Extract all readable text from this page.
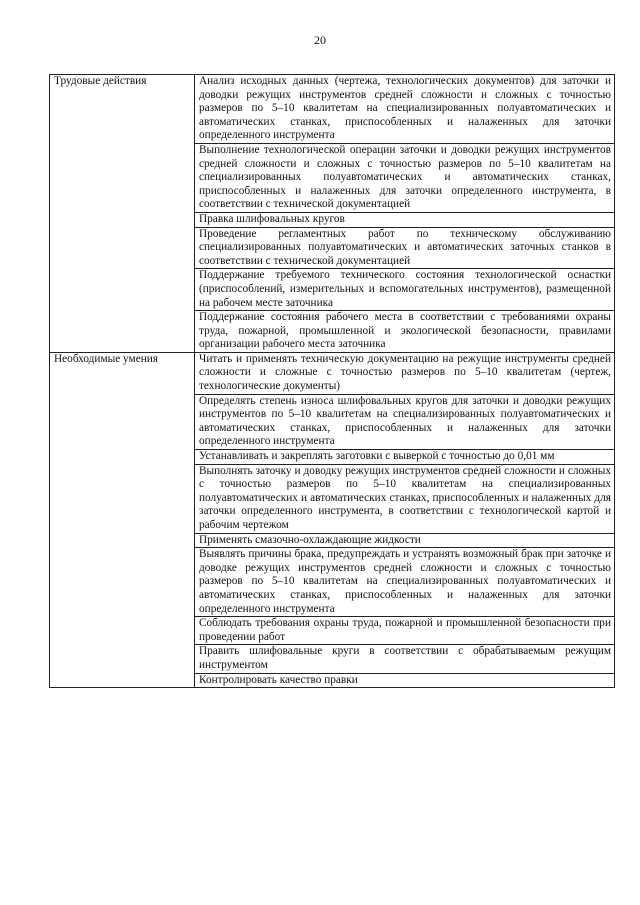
20
Трудовые действия	Анализ исходных данных (чертежа, технологических документов) для заточки и доводки режущих инструментов средней сложности и сложных с точностью размеров по 5–10 квалитетам на специализированных полуавтоматических и автоматических станках, приспособленных и налаженных для заточки определенного инструмента
	Выполнение технологической операции заточки и доводки режущих инструментов средней сложности и сложных с точностью размеров по 5–10 квалитетам на специализированных полуавтоматических и автоматических станках, приспособленных и налаженных для заточки определенного инструмента, в соответствии с технической документацией
	Правка шлифовальных кругов
	Проведение регламентных работ по техническому обслуживанию специализированных полуавтоматических и автоматических заточных станков в соответствии с технической документацией
	Поддержание требуемого технического состояния технологической оснастки (приспособлений, измерительных и вспомогательных инструментов), размещенной на рабочем месте заточника
	Поддержание состояния рабочего места в соответствии с требованиями охраны труда, пожарной, промышленной и экологической безопасности, правилами организации рабочего места заточника
Необходимые умения	Читать и применять техническую документацию на режущие инструменты средней сложности и сложные с точностью размеров по 5–10 квалитетам (чертеж, технологические документы)
	Определять степень износа шлифовальных кругов для заточки и доводки режущих инструментов по 5–10 квалитетам на специализированных полуавтоматических и автоматических станках, приспособленных и налаженных для заточки определенного инструмента
	Устанавливать и закреплять заготовки с выверкой с точностью до 0,01 мм
	Выполнять заточку и доводку режущих инструментов средней сложности и сложных с точностью размеров по 5–10 квалитетам на специализированных полуавтоматических и автоматических станках, приспособленных и налаженных для заточки определенного инструмента, в соответствии с технологической картой и рабочим чертежом
	Применять смазочно-охлаждающие жидкости
	Выявлять причины брака, предупреждать и устранять возможный брак при заточке и доводке режущих инструментов средней сложности и сложных с точностью размеров по 5–10 квалитетам на специализированных полуавтоматических и автоматических станках, приспособленных и налаженных для заточки определенного инструмента
	Соблюдать требования охраны труда, пожарной и промышленной безопасности при проведении работ
	Править шлифовальные круги в соответствии с обрабатываемым режущим инструментом
	Контролировать качество правки
